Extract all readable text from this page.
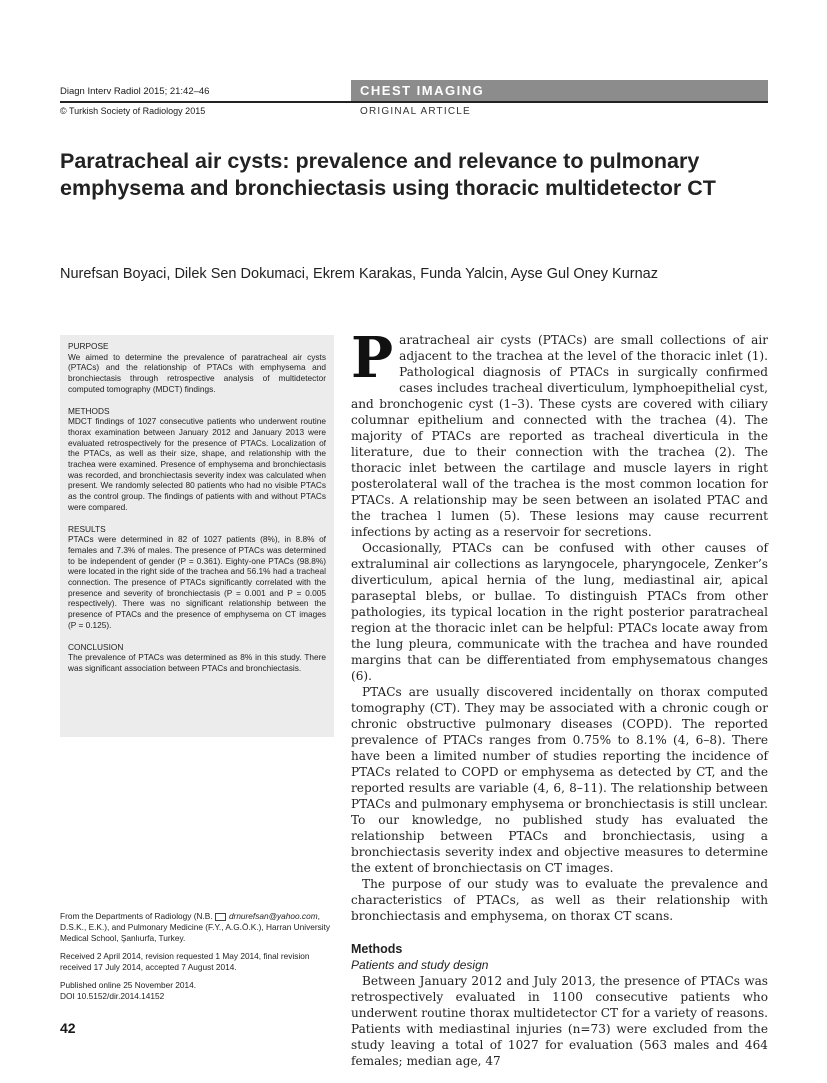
Diagn Interv Radiol 2015; 21:42–46
© Turkish Society of Radiology 2015
CHEST IMAGING
ORIGINAL ARTICLE
Paratracheal air cysts: prevalence and relevance to pulmonary emphysema and bronchiectasis using thoracic multidetector CT
Nurefsan Boyaci, Dilek Sen Dokumaci, Ekrem Karakas, Funda Yalcin, Ayse Gul Oney Kurnaz

PURPOSE
We aimed to determine the prevalence of paratracheal air cysts (PTACs) and the relationship of PTACs with emphysema and bronchiectasis through retrospective analysis of multidetector computed tomography (MDCT) findings.

METHODS
MDCT findings of 1027 consecutive patients who underwent routine thorax examination between January 2012 and January 2013 were evaluated retrospectively for the presence of PTACs. Localization of the PTACs, as well as their size, shape, and relationship with the trachea were examined. Presence of emphysema and bronchiectasis was recorded, and bronchiectasis severity index was calculated when present. We randomly selected 80 patients who had no visible PTACs as the control group. The findings of patients with and without PTACs were compared.

RESULTS
PTACs were determined in 82 of 1027 patients (8%), in 8.8% of females and 7.3% of males. The presence of PTACs was determined to be independent of gender (P = 0.361). Eighty-one PTACs (98.8%) were located in the right side of the trachea and 56.1% had a tracheal connection. The presence of PTACs significantly correlated with the presence and severity of bronchiectasis (P = 0.001 and P = 0.005 respectively). There was no significant relationship between the presence of PTACs and the presence of emphysema on CT images (P = 0.125).

CONCLUSION
The prevalence of PTACs was determined as 8% in this study. There was significant association between PTACs and bronchiectasis.

Paratracheal air cysts (PTACs) are small collections of air adjacent to the trachea at the level of the thoracic inlet (1). Pathological diagnosis of PTACs in surgically confirmed cases includes tracheal diverticulum, lymphoepithelial cyst, and bronchogenic cyst (1–3). These cysts are covered with ciliary columnar epithelium and connected with the trachea (4). The majority of PTACs are reported as tracheal diverticula in the literature, due to their connection with the trachea (2). The thoracic inlet between the cartilage and muscle layers in right posterolateral wall of the trachea is the most common location for PTACs. A relationship may be seen between an isolated PTAC and the trachea l lumen (5). These lesions may cause recurrent infections by acting as a reservoir for secretions.

Occasionally, PTACs can be confused with other causes of extraluminal air collections as laryngocele, pharyngocele, Zenker’s diverticulum, apical hernia of the lung, mediastinal air, apical paraseptal blebs, or bullae. To distinguish PTACs from other pathologies, its typical location in the right posterior paratracheal region at the thoracic inlet can be helpful: PTACs locate away from the lung pleura, communicate with the trachea and have rounded margins that can be differentiated from emphysematous changes (6).

PTACs are usually discovered incidentally on thorax computed tomography (CT). They may be associated with a chronic cough or chronic obstructive pulmonary diseases (COPD). The reported prevalence of PTACs ranges from 0.75% to 8.1% (4, 6–8). There have been a limited number of studies reporting the incidence of PTACs related to COPD or emphysema as detected by CT, and the reported results are variable (4, 6, 8–11). The relationship between PTACs and pulmonary emphysema or bronchiectasis is still unclear. To our knowledge, no published study has evaluated the relationship between PTACs and bronchiectasis, using a bronchiectasis severity index and objective measures to determine the extent of bronchiectasis on CT images.

The purpose of our study was to evaluate the prevalence and characteristics of PTACs, as well as their relationship with bronchiectasis and emphysema, on thorax CT scans.

Methods

Patients and study design

Between January 2012 and July 2013, the presence of PTACs was retrospectively evaluated in 1100 consecutive patients who underwent routine thorax multidetector CT for a variety of reasons. Patients with mediastinal injuries (n=73) were excluded from the study leaving a total of 1027 for evaluation (563 males and 464 females; median age, 47

From the Departments of Radiology (N.B. drnurefsan@yahoo.com, D.S.K., E.K.), and Pulmonary Medicine (F.Y., A.G.Ö.K.), Harran University Medical School, Şanlıurfa, Turkey.

Received 2 April 2014, revision requested 1 May 2014, final revision received 17 July 2014, accepted 7 August 2014.

Published online 25 November 2014.
DOI 10.5152/dir.2014.14152

42
